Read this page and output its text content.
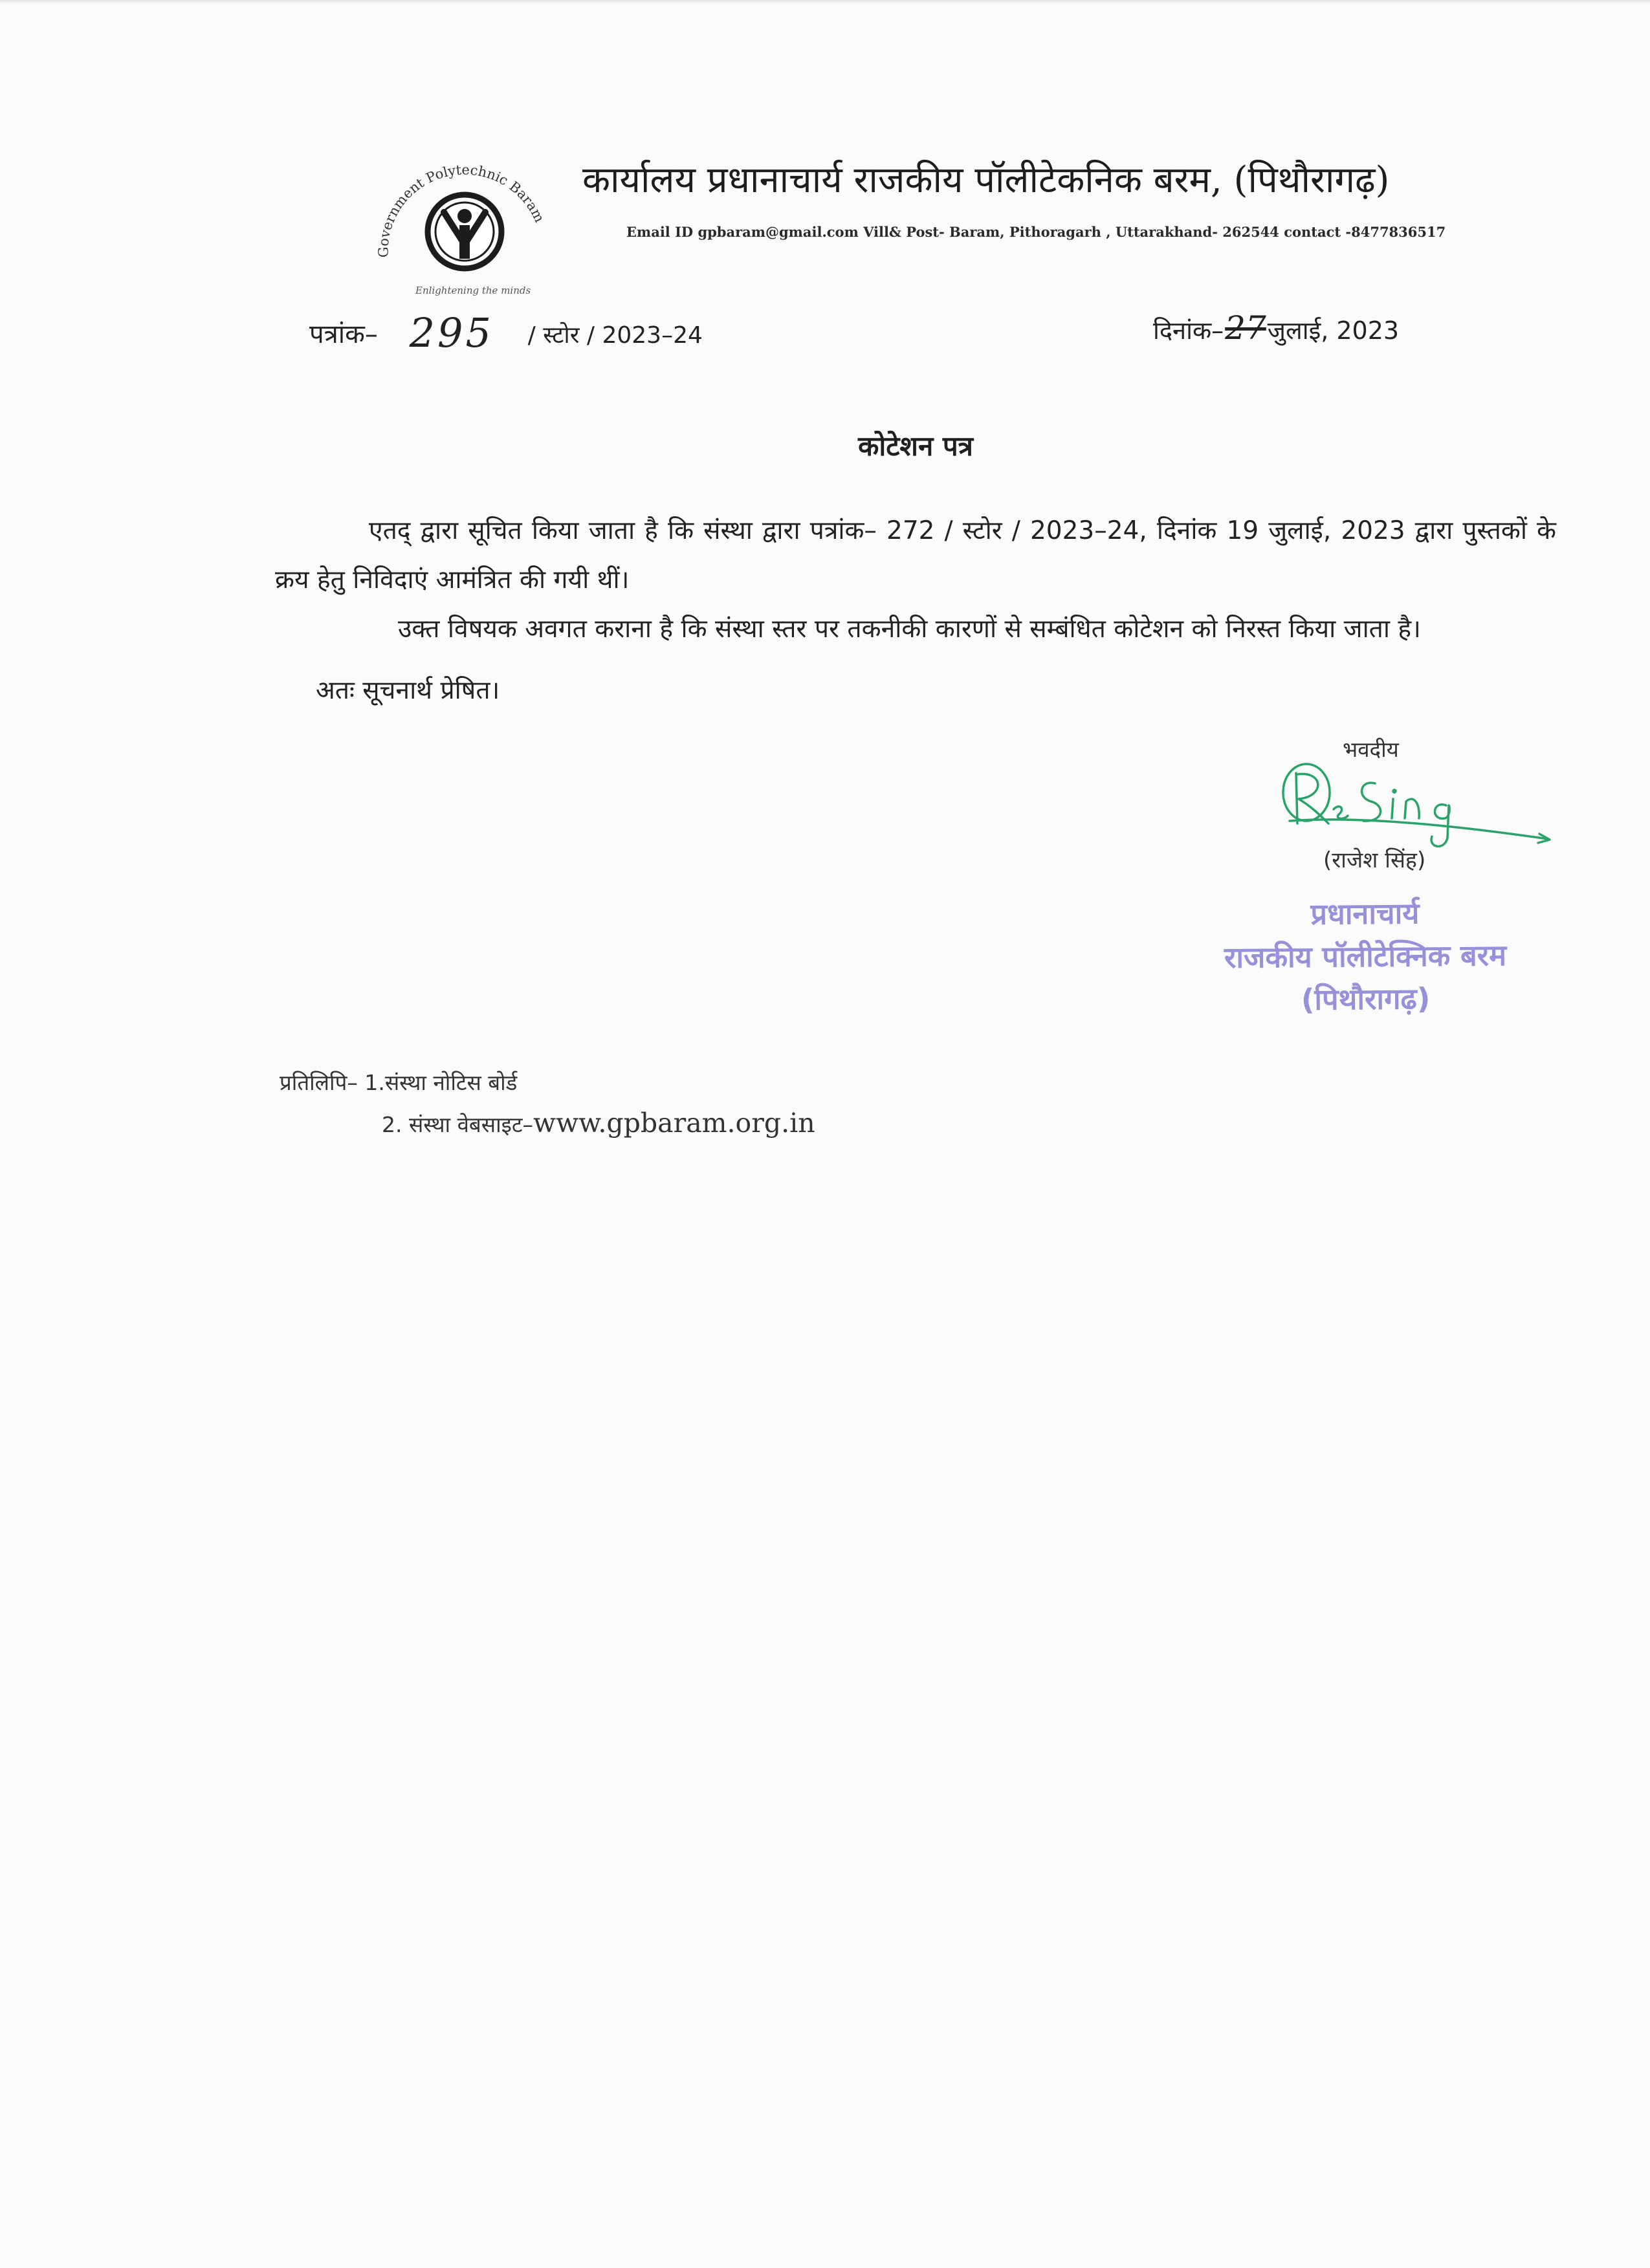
Government Polytechnic Baram
Enlightening the minds
कार्यालय प्रधानाचार्य राजकीय पॉलीटेकनिक बरम, (पिथौरागढ़)
Email ID gpbaram@gmail.com Vill& Post- Baram, Pithoragarh , Uttarakhand- 262544 contact -8477836517
पत्रांक– 295 / स्टोर / 2023–24	दिनांक–27जुलाई, 2023
कोटेशन पत्र
एतद् द्वारा सूचित किया जाता है कि संस्था द्वारा पत्रांक– 272 / स्टोर / 2023–24, दिनांक 19 जुलाई, 2023 द्वारा पुस्तकों के क्रय हेतु निविदाएं आमंत्रित की गयी थीं।
उक्त विषयक अवगत कराना है कि संस्था स्तर पर तकनीकी कारणों से सम्बंधित कोटेशन को निरस्त किया जाता है।
अतः सूचनार्थ प्रेषित।
भवदीय
(राजेश सिंह)
प्रधानाचार्य
राजकीय पॉलीटेक्निक बरम
(पिथौरागढ़)
प्रतिलिपि– 1.संस्था नोटिस बोर्ड
2. संस्था वेबसाइट–www.gpbaram.org.in
